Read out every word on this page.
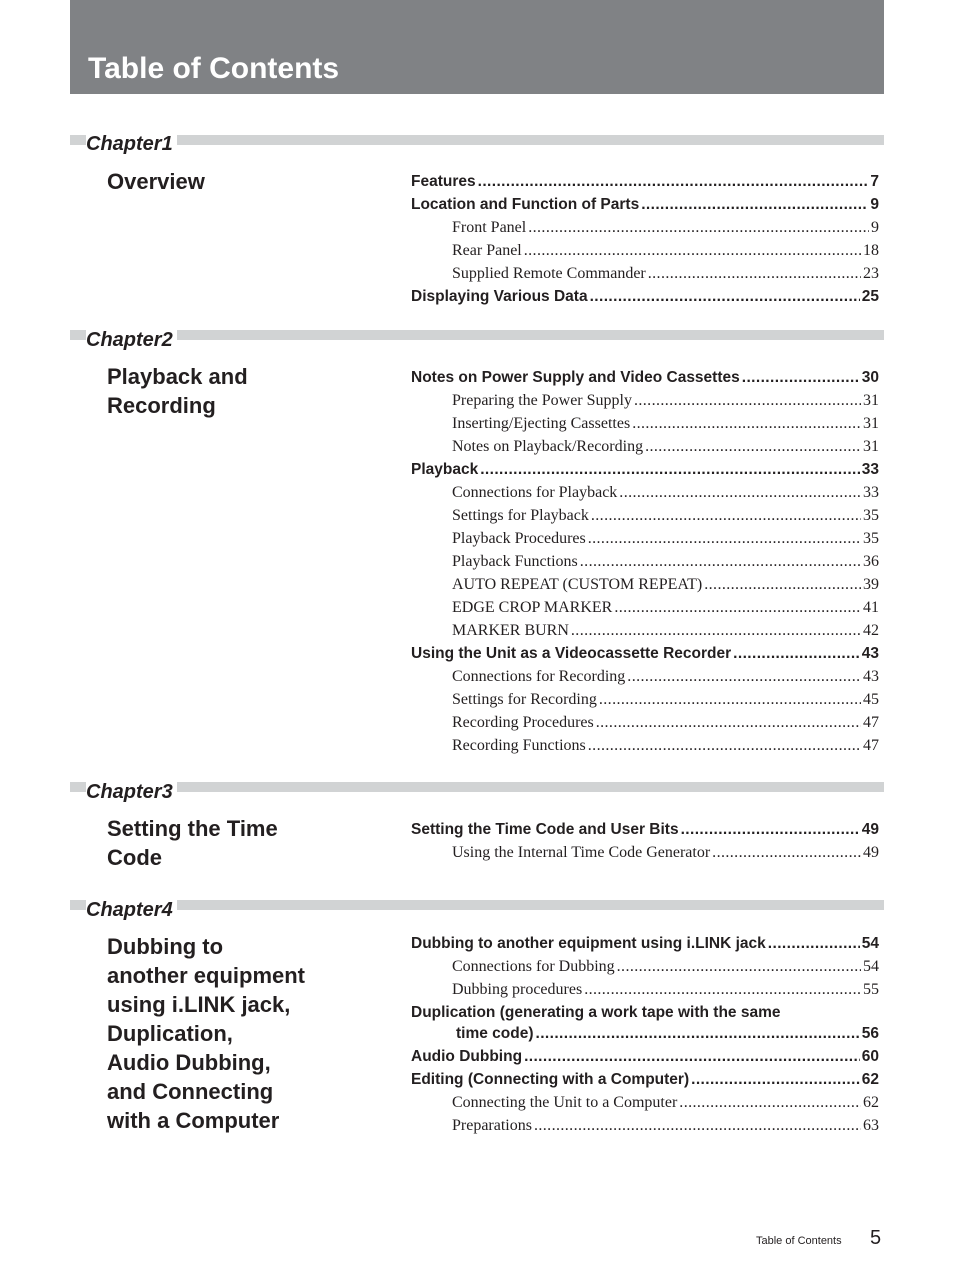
Table of Contents
Chapter1
Overview	Features .....	7
Location and Function of Parts .....	9
Front Panel .....	9
Rear Panel .....	18
Supplied Remote Commander .....	23
Displaying Various Data .....	25
Chapter2
Playback and
Recording
Notes on Power Supply and Video Cassettes .....	30
Preparing the Power Supply .....	31
Inserting/Ejecting Cassettes .....	31
Notes on Playback/Recording .....	31
Playback .....	33
Connections for Playback .....	33
Settings for Playback .....	35
Playback Procedures .....	35
Playback Functions .....	36
AUTO REPEAT (CUSTOM REPEAT) .....	39
EDGE CROP MARKER .....	41
MARKER BURN .....	42
Using the Unit as a Videocassette Recorder .....	43
Connections for Recording .....	43
Settings for Recording .....	45
Recording Procedures .....	47
Recording Functions .....	47
Chapter3
Setting the Time
Code
Setting the Time Code and User Bits .....	49
Using the Internal Time Code Generator .....	49
Chapter4
Dubbing to
another equipment
using i.LINK jack,
Duplication,
Audio Dubbing,
and Connecting
with a Computer
Dubbing to another equipment using i.LINK jack .....	54
Connections for Dubbing .....	54
Dubbing procedures .....	55
Duplication (generating a work tape with the same
time code) .....	56
Audio Dubbing .....	60
Editing (Connecting with a Computer) .....	62
Connecting the Unit to a Computer .....	62
Preparations .....	63
Table of Contents 5
